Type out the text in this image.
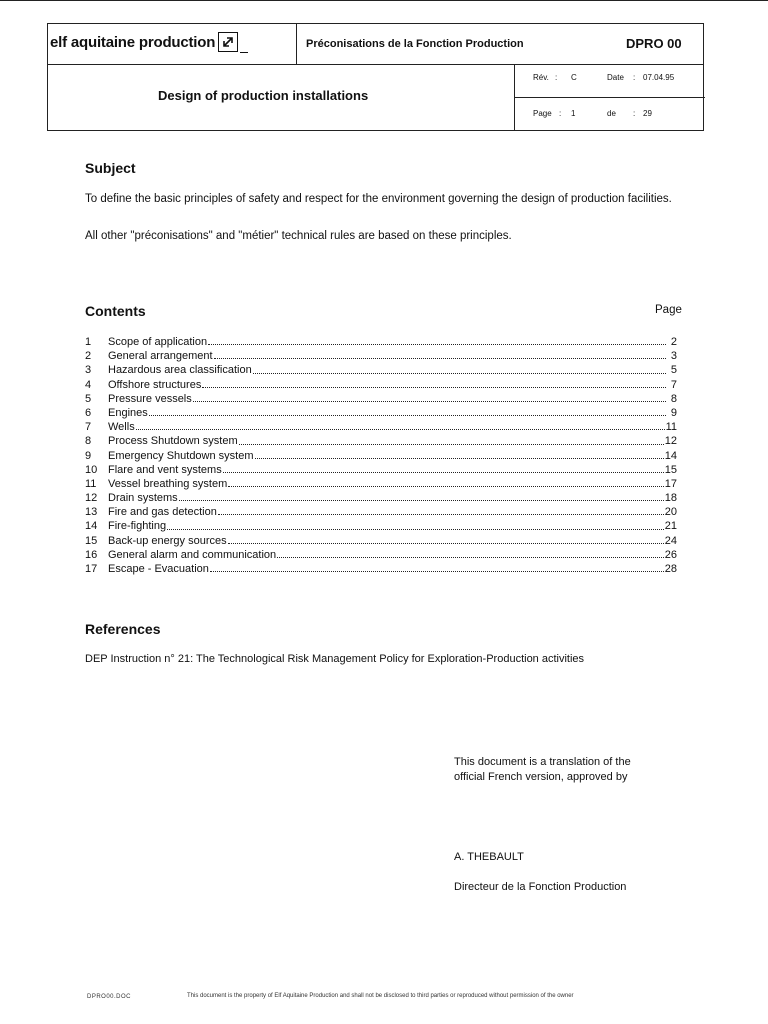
elf aquitaine production	Préconisations de la Fonction Production	DPRO 00
Design of production installations
Rév. : C	Date : 07.04.95
Page : 1	de : 29
Subject
To define the basic principles of safety and respect for the environment governing the design of production facilities.
All other "préconisations" and "métier" technical rules are based on these principles.
Contents	Page
1	Scope of application	2
2	General arrangement	3
3	Hazardous area classification	5
4	Offshore structures	7
5	Pressure vessels	8
6	Engines	9
7	Wells	11
8	Process Shutdown system	12
9	Emergency Shutdown system	14
10 Flare and vent systems	15
11	Vessel breathing system	17
12 Drain systems	18
13 Fire and gas detection	20
14 Fire-fighting	21
15 Back-up energy sources	24
16 General alarm and communication	26
17 Escape - Evacuation	28
References
DEP Instruction n° 21: The Technological Risk Management Policy for Exploration-Production activities
This document is a translation of the
official French version, approved by
A. THEBAULT
Directeur de la Fonction Production
DPRO00.DOC	This document is the property of Elf Aquitaine Production and shall not be disclosed to third parties or reproduced without permission of the owner
